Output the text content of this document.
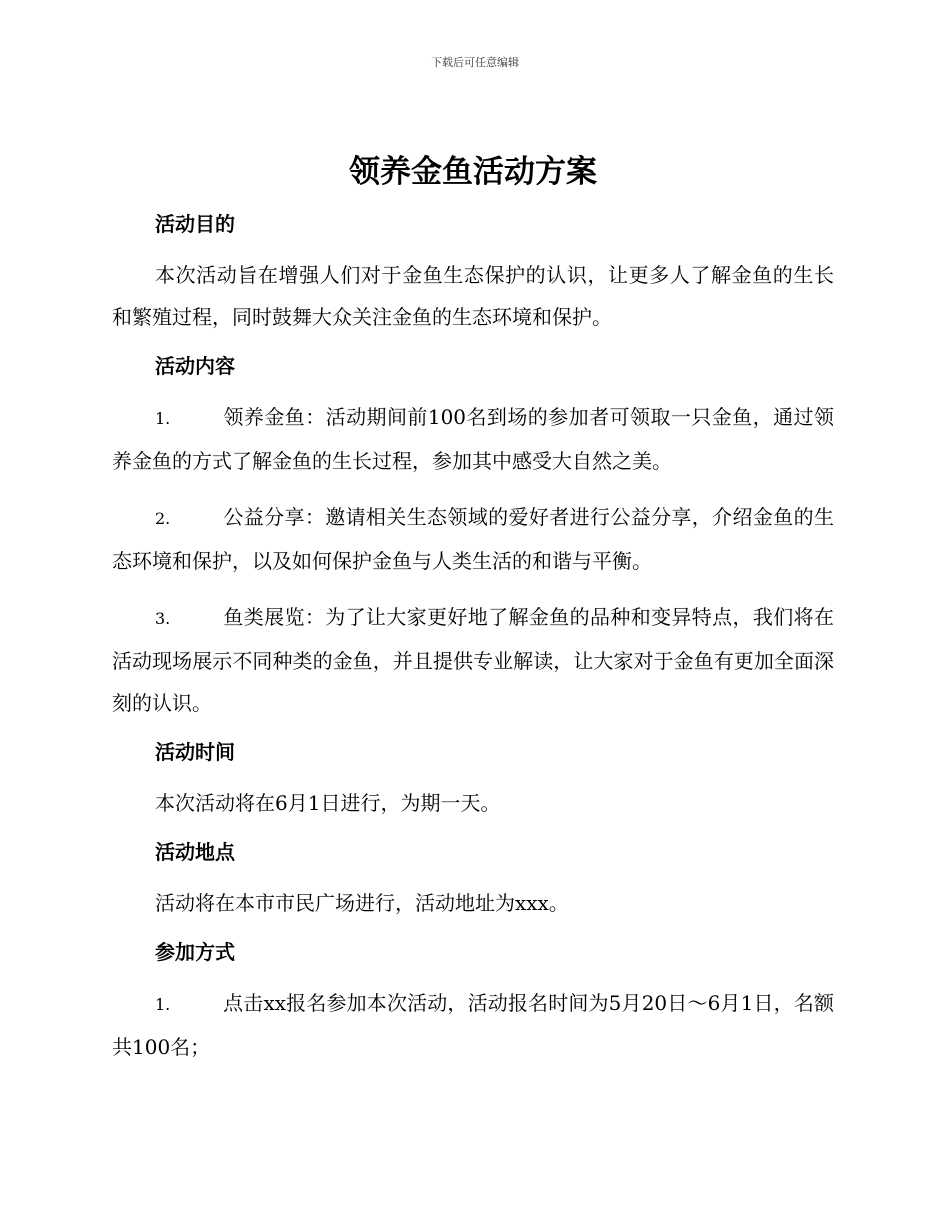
下载后可任意编辑
领养金鱼活动方案
活动目的

本次活动旨在增强人们对于金鱼生态保护的认识，让更多人了解金鱼的生长和繁殖过程，同时鼓舞大众关注金鱼的生态环境和保护。

活动内容

1.	领养金鱼：活动期间前100名到场的参加者可领取一只金鱼，通过领养金鱼的方式了解金鱼的生长过程，参加其中感受大自然之美。

2.	公益分享：邀请相关生态领域的爱好者进行公益分享，介绍金鱼的生态环境和保护，以及如何保护金鱼与人类生活的和谐与平衡。

3.	鱼类展览：为了让大家更好地了解金鱼的品种和变异特点，我们将在活动现场展示不同种类的金鱼，并且提供专业解读，让大家对于金鱼有更加全面深刻的认识。

活动时间

本次活动将在6月1日进行，为期一天。

活动地点

活动将在本市市民广场进行，活动地址为xxx。

参加方式

1.	点击xx报名参加本次活动，活动报名时间为5月20日～6月1日，名额共100名；
